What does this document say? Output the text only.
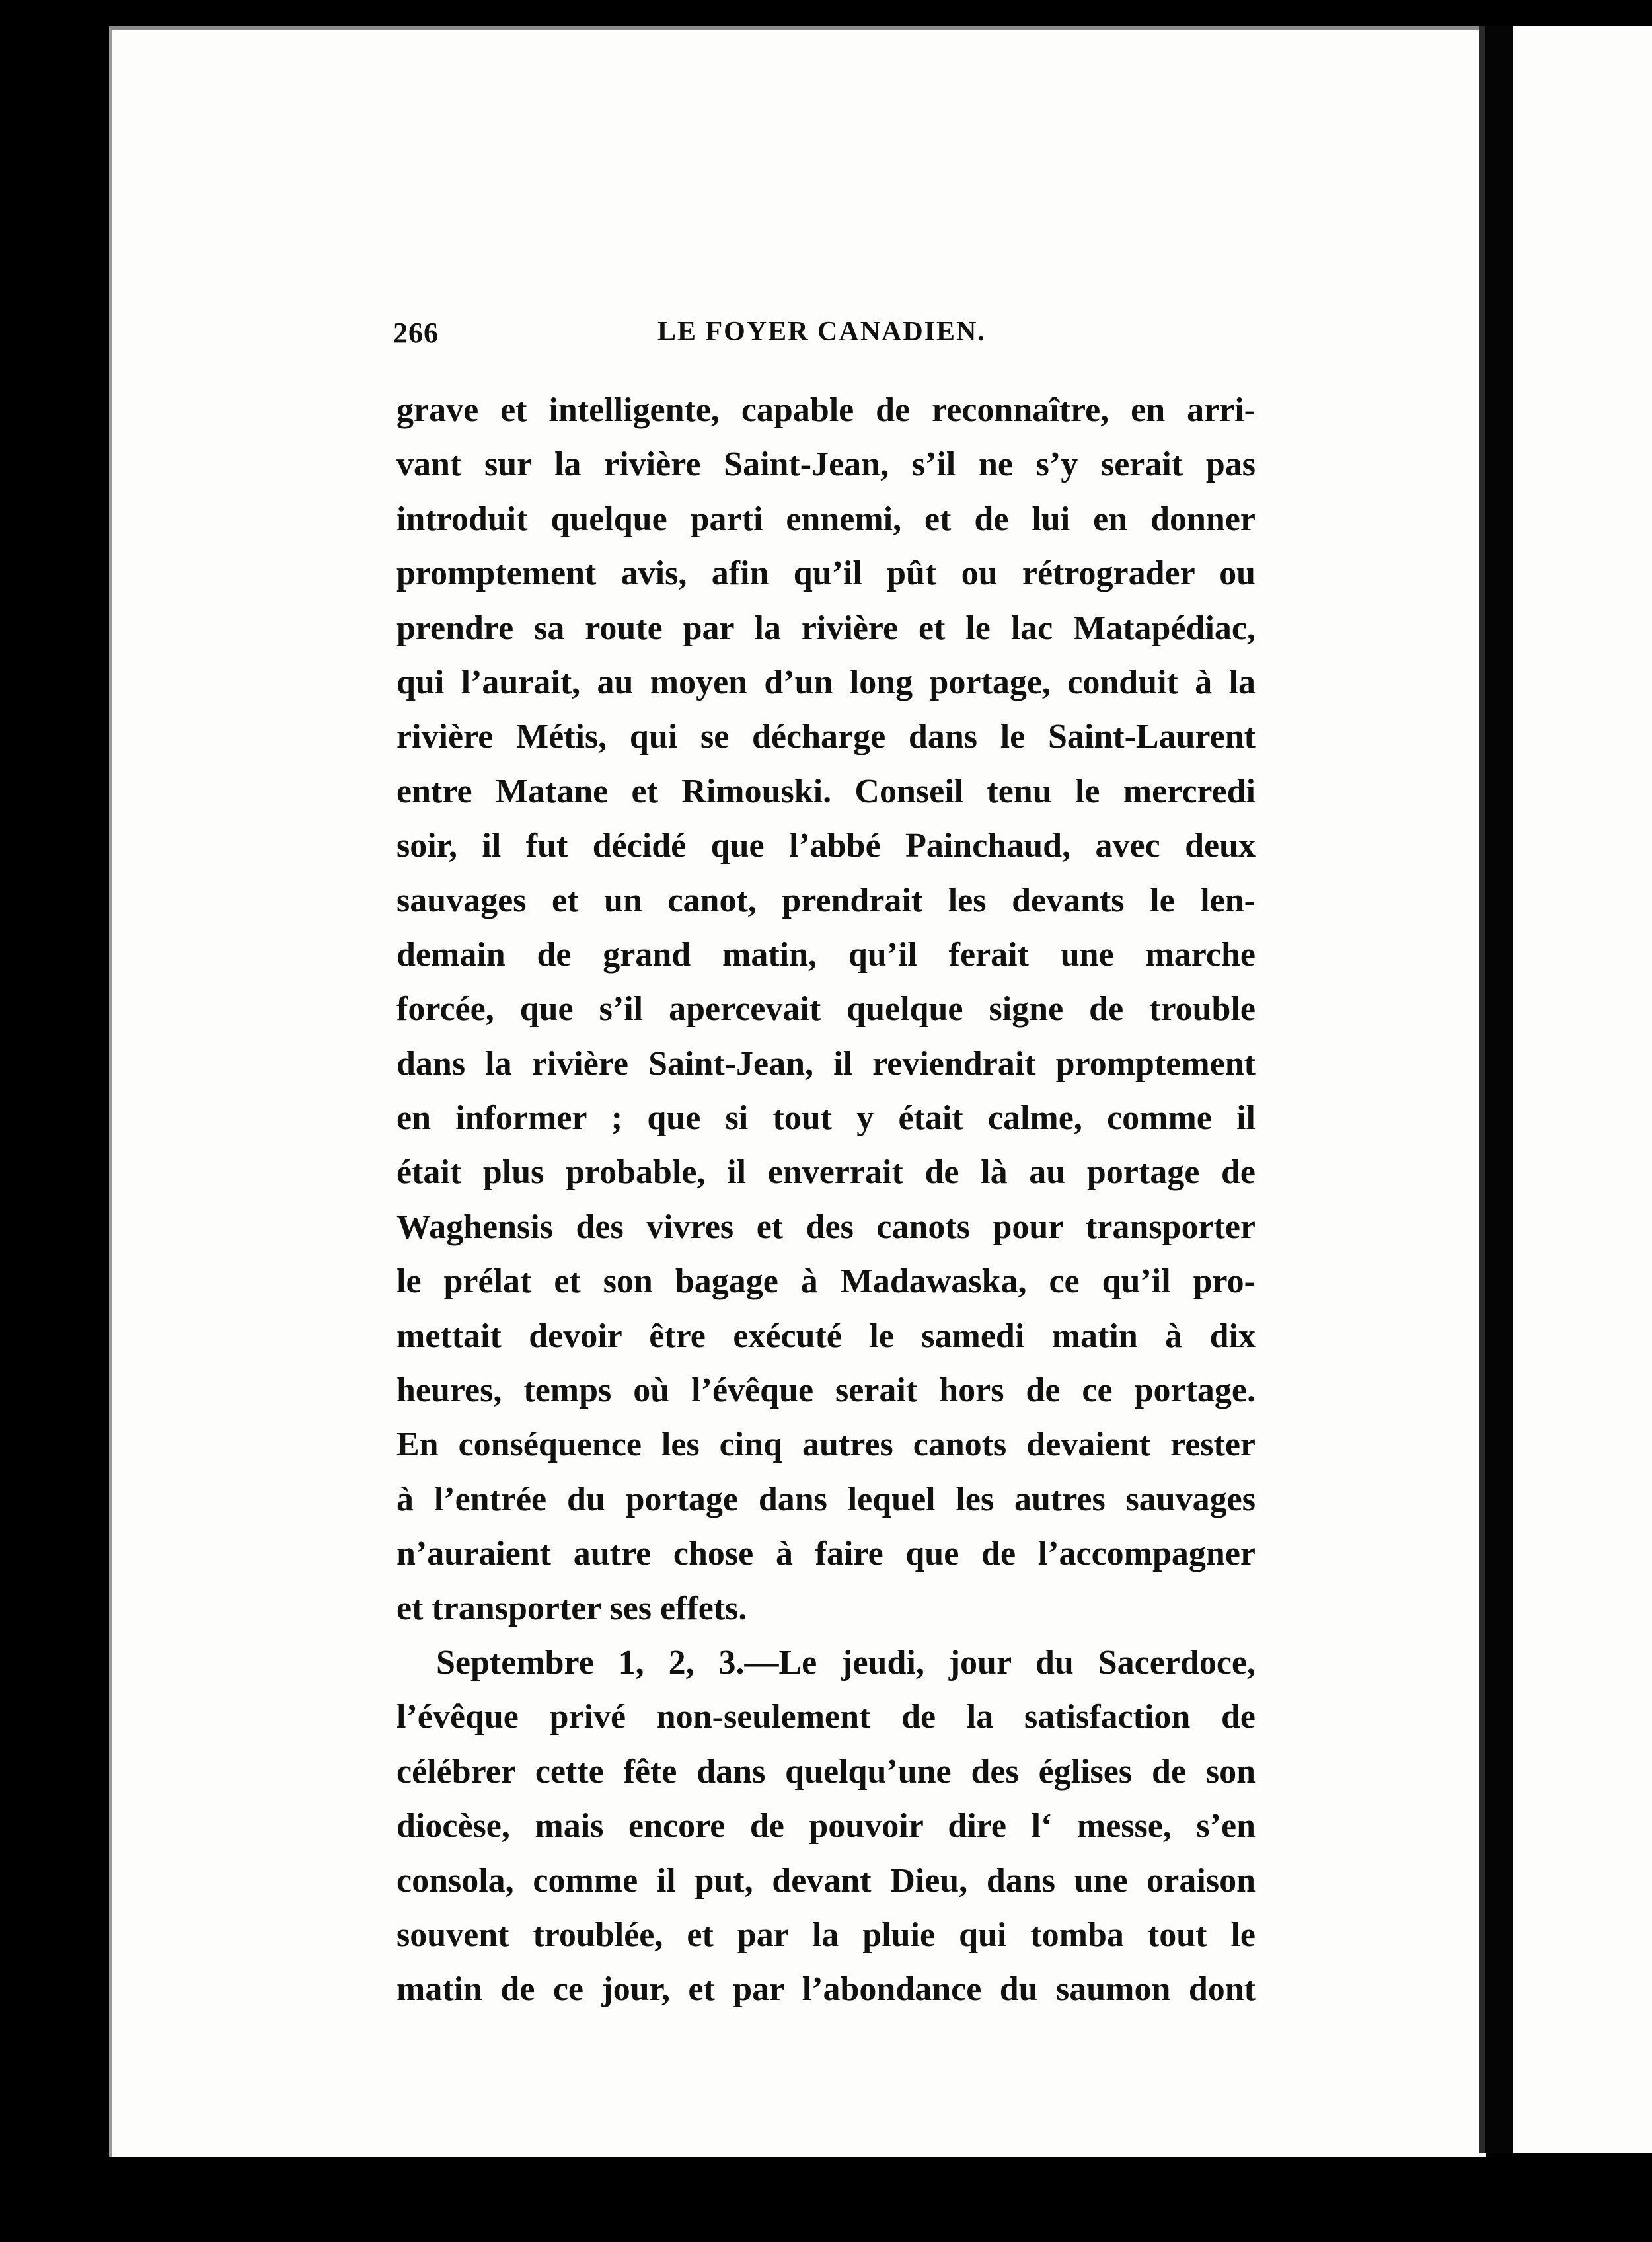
266	LE FOYER CANADIEN.
grave et intelligente, capable de reconnaître, en arri-
vant sur la rivière Saint-Jean, s’il ne s’y serait pas
introduit quelque parti ennemi, et de lui en donner
promptement avis, afin qu’il pût ou rétrograder ou
prendre sa route par la rivière et le lac Matapédiac,
qui l’aurait, au moyen d’un long portage, conduit à la
rivière Métis, qui se décharge dans le Saint-Laurent
entre Matane et Rimouski. Conseil tenu le mercredi
soir, il fut décidé que l’abbé Painchaud, avec deux
sauvages et un canot, prendrait les devants le len-
demain de grand matin, qu’il ferait une marche
forcée, que s’il apercevait quelque signe de trouble
dans la rivière Saint-Jean, il reviendrait promptement
en informer ; que si tout y était calme, comme il
était plus probable, il enverrait de là au portage de
Waghensis des vivres et des canots pour transporter
le prélat et son bagage à Madawaska, ce qu’il pro-
mettait devoir être exécuté le samedi matin à dix
heures, temps où l’évêque serait hors de ce portage.
En conséquence les cinq autres canots devaient rester
à l’entrée du portage dans lequel les autres sauvages
n’auraient autre chose à faire que de l’accompagner
et transporter ses effets.
Septembre 1, 2, 3.—Le jeudi, jour du Sacerdoce,
l’évêque privé non-seulement de la satisfaction de
célébrer cette fête dans quelqu’une des églises de son
diocèse, mais encore de pouvoir dire l‘ messe, s’en
consola, comme il put, devant Dieu, dans une oraison
souvent troublée, et par la pluie qui tomba tout le
matin de ce jour, et par l’abondance du saumon dont
